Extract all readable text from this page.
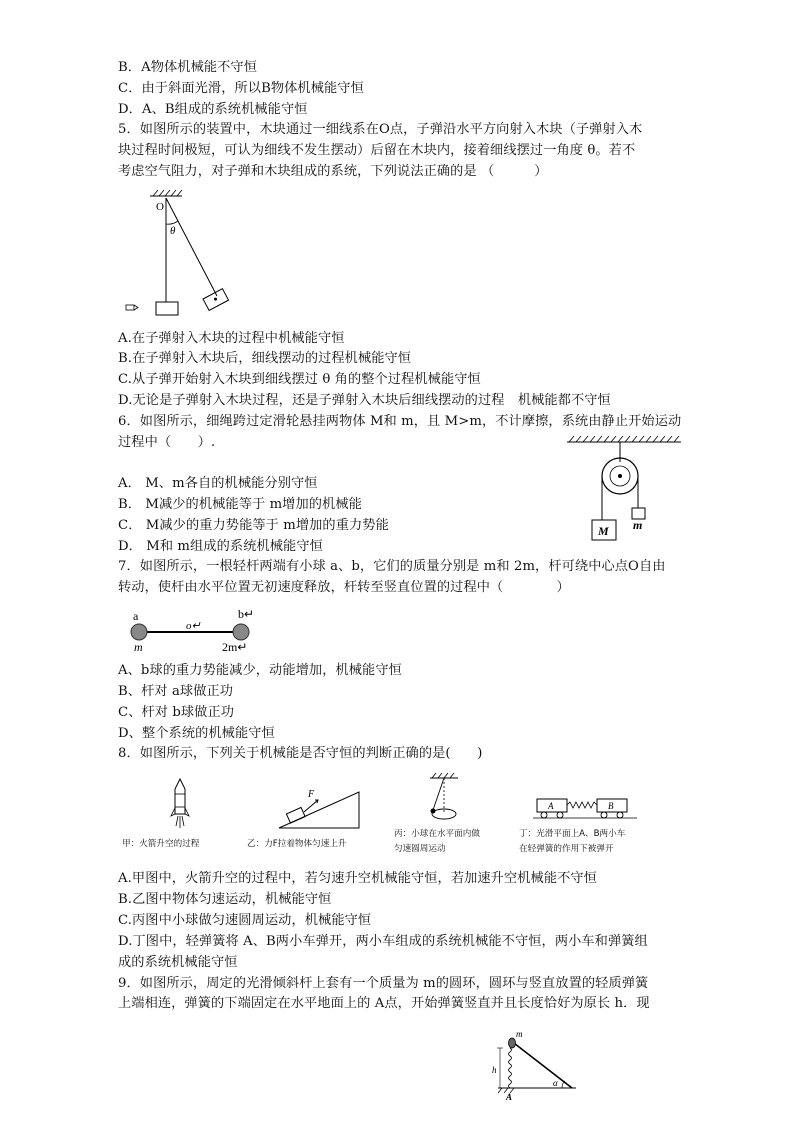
B．A物体机械能不守恒
C．由于斜面光滑，所以B物体机械能守恒
D．A、B组成的系统机械能守恒
5．如图所示的装置中，木块通过一细线系在O点，子弹沿水平方向射入木块（子弹射入木
块过程时间极短，可认为细线不发生摆动）后留在木块内，接着细线摆过一角度 θ。若不
考虑空气阻力，对子弹和木块组成的系统，下列说法正确的是 （　　　）
O
θ
A.在子弹射入木块的过程中机械能守恒
B.在子弹射入木块后，细线摆动的过程机械能守恒
C.从子弹开始射入木块到细线摆过 θ 角的整个过程机械能守恒
D.无论是子弹射入木块过程，还是子弹射入木块后细线摆动的过程　机械能都不守恒
6．如图所示，细绳跨过定滑轮悬挂两物体 M和 m，且 M>m，不计摩擦，系统由静止开始运动
过程中（　　）.
M m
A． M、m各自的机械能分别守恒
B． M减少的机械能等于 m增加的机械能
C． M减少的重力势能等于 m增加的重力势能
D． M和 m组成的系统机械能守恒
7．如图所示，一根轻杆两端有小球 a、b，它们的质量分别是 m和 2m，杆可绕中心点O自由
转动，使杆由水平位置无初速度释放，杆转至竖直位置的过程中（　　　　）
a	b↵
o↵
m	2m↵
A、b球的重力势能减少，动能增加，机械能守恒
B、杆对 a球做正功
C、杆对 b球做正功
D、整个系统的机械能守恒
8．如图所示，下列关于机械能是否守恒的判断正确的是(　　)
甲：火箭升空的过程
F
乙：力F拉着物体匀速上升
丙：小球在水平面内做
匀速圆周运动
A	B
丁：光滑平面上A、B两小车
在轻弹簧的作用下被弹开
A.甲图中，火箭升空的过程中，若匀速升空机械能守恒，若加速升空机械能不守恒
B.乙图中物体匀速运动，机械能守恒
C.丙图中小球做匀速圆周运动，机械能守恒
D.丁图中，轻弹簧将 A、B两小车弹开，两小车组成的系统机械能不守恒，两小车和弹簧组
成的系统机械能守恒
9．如图所示，周定的光滑倾斜杆上套有一个质量为 m的圆环，圆环与竖直放置的轻质弹簧
上端相连，弹簧的下端固定在水平地面上的 A点，开始弹簧竖直并且长度恰好为原长 h．现
h
m
A
α
